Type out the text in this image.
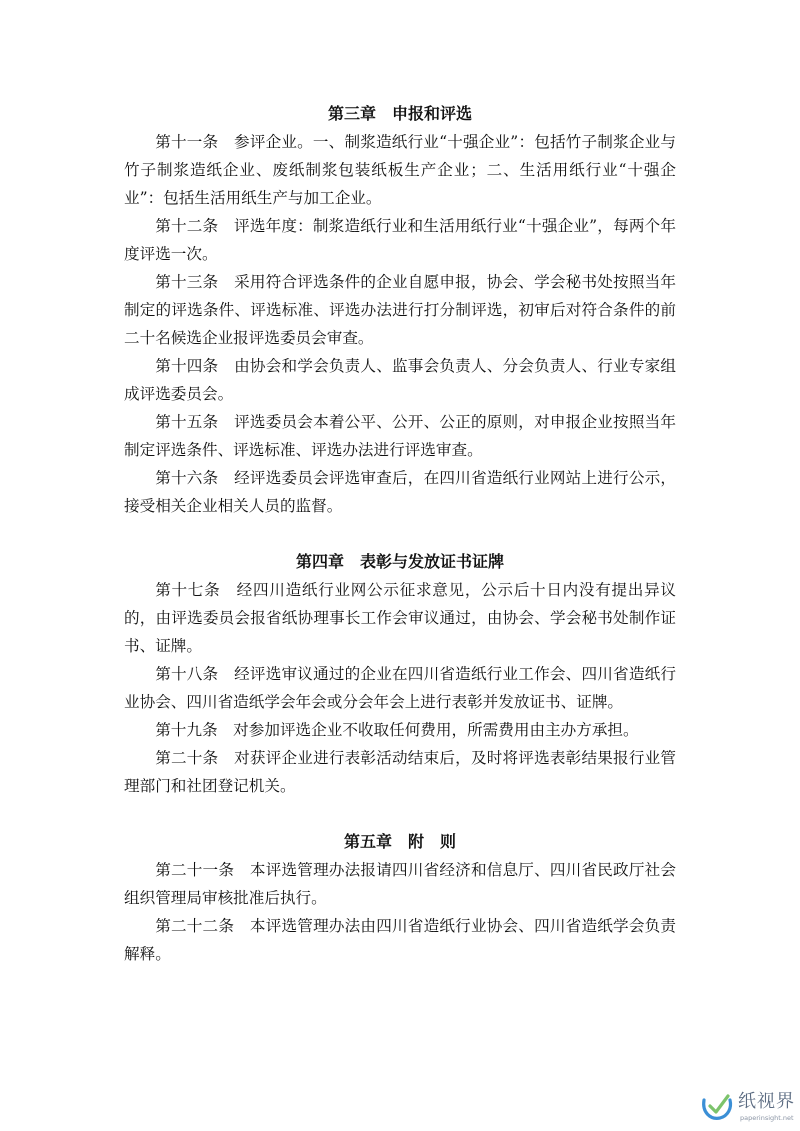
第三章　申报和评选

第十一条　参评企业。一、制浆造纸行业“十强企业”：包括竹子制浆企业与竹子制浆造纸企业、废纸制浆包装纸板生产企业；二、生活用纸行业“十强企业”：包括生活用纸生产与加工企业。

第十二条　评选年度：制浆造纸行业和生活用纸行业“十强企业”，每两个年度评选一次。

第十三条　采用符合评选条件的企业自愿申报，协会、学会秘书处按照当年制定的评选条件、评选标准、评选办法进行打分制评选，初审后对符合条件的前二十名候选企业报评选委员会审查。

第十四条　由协会和学会负责人、监事会负责人、分会负责人、行业专家组成评选委员会。

第十五条　评选委员会本着公平、公开、公正的原则，对申报企业按照当年制定评选条件、评选标准、评选办法进行评选审查。

第十六条　经评选委员会评选审查后，在四川省造纸行业网站上进行公示，接受相关企业相关人员的监督。

第四章　表彰与发放证书证牌

第十七条　经四川造纸行业网公示征求意见，公示后十日内没有提出异议的，由评选委员会报省纸协理事长工作会审议通过，由协会、学会秘书处制作证书、证牌。

第十八条　经评选审议通过的企业在四川省造纸行业工作会、四川省造纸行业协会、四川省造纸学会年会或分会年会上进行表彰并发放证书、证牌。

第十九条　对参加评选企业不收取任何费用，所需费用由主办方承担。

第二十条　对获评企业进行表彰活动结束后，及时将评选表彰结果报行业管理部门和社团登记机关。

第五章　附　则

第二十一条　本评选管理办法报请四川省经济和信息厅、四川省民政厅社会组织管理局审核批准后执行。

第二十二条　本评选管理办法由四川省造纸行业协会、四川省造纸学会负责解释。

纸视界
paperinsight.net
